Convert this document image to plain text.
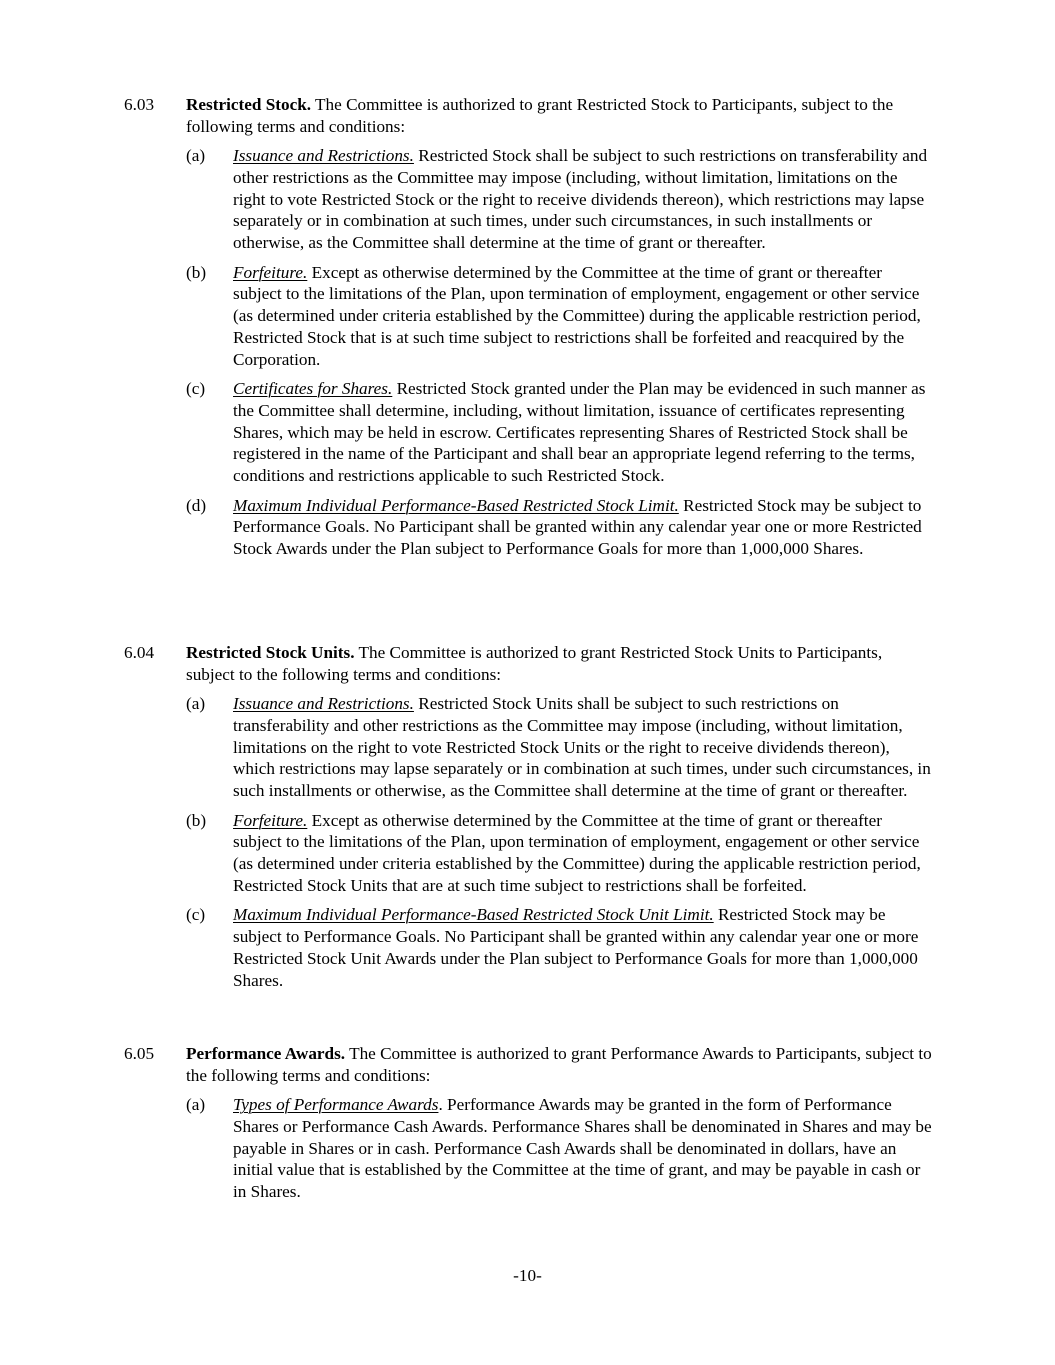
6.03 Restricted Stock. The Committee is authorized to grant Restricted Stock to Participants, subject to the following terms and conditions:
(a) Issuance and Restrictions. Restricted Stock shall be subject to such restrictions on transferability and other restrictions as the Committee may impose (including, without limitation, limitations on the right to vote Restricted Stock or the right to receive dividends thereon), which restrictions may lapse separately or in combination at such times, under such circumstances, in such installments or otherwise, as the Committee shall determine at the time of grant or thereafter.
(b) Forfeiture. Except as otherwise determined by the Committee at the time of grant or thereafter subject to the limitations of the Plan, upon termination of employment, engagement or other service (as determined under criteria established by the Committee) during the applicable restriction period, Restricted Stock that is at such time subject to restrictions shall be forfeited and reacquired by the Corporation.
(c) Certificates for Shares. Restricted Stock granted under the Plan may be evidenced in such manner as the Committee shall determine, including, without limitation, issuance of certificates representing Shares, which may be held in escrow. Certificates representing Shares of Restricted Stock shall be registered in the name of the Participant and shall bear an appropriate legend referring to the terms, conditions and restrictions applicable to such Restricted Stock.
(d) Maximum Individual Performance-Based Restricted Stock Limit. Restricted Stock may be subject to Performance Goals. No Participant shall be granted within any calendar year one or more Restricted Stock Awards under the Plan subject to Performance Goals for more than 1,000,000 Shares.
6.04 Restricted Stock Units. The Committee is authorized to grant Restricted Stock Units to Participants, subject to the following terms and conditions:
(a) Issuance and Restrictions. Restricted Stock Units shall be subject to such restrictions on transferability and other restrictions as the Committee may impose (including, without limitation, limitations on the right to vote Restricted Stock Units or the right to receive dividends thereon), which restrictions may lapse separately or in combination at such times, under such circumstances, in such installments or otherwise, as the Committee shall determine at the time of grant or thereafter.
(b) Forfeiture. Except as otherwise determined by the Committee at the time of grant or thereafter subject to the limitations of the Plan, upon termination of employment, engagement or other service (as determined under criteria established by the Committee) during the applicable restriction period, Restricted Stock Units that are at such time subject to restrictions shall be forfeited.
(c) Maximum Individual Performance-Based Restricted Stock Unit Limit. Restricted Stock may be subject to Performance Goals. No Participant shall be granted within any calendar year one or more Restricted Stock Unit Awards under the Plan subject to Performance Goals for more than 1,000,000 Shares.
6.05 Performance Awards. The Committee is authorized to grant Performance Awards to Participants, subject to the following terms and conditions:
(a) Types of Performance Awards. Performance Awards may be granted in the form of Performance Shares or Performance Cash Awards. Performance Shares shall be denominated in Shares and may be payable in Shares or in cash. Performance Cash Awards shall be denominated in dollars, have an initial value that is established by the Committee at the time of grant, and may be payable in cash or in Shares.
-10-
